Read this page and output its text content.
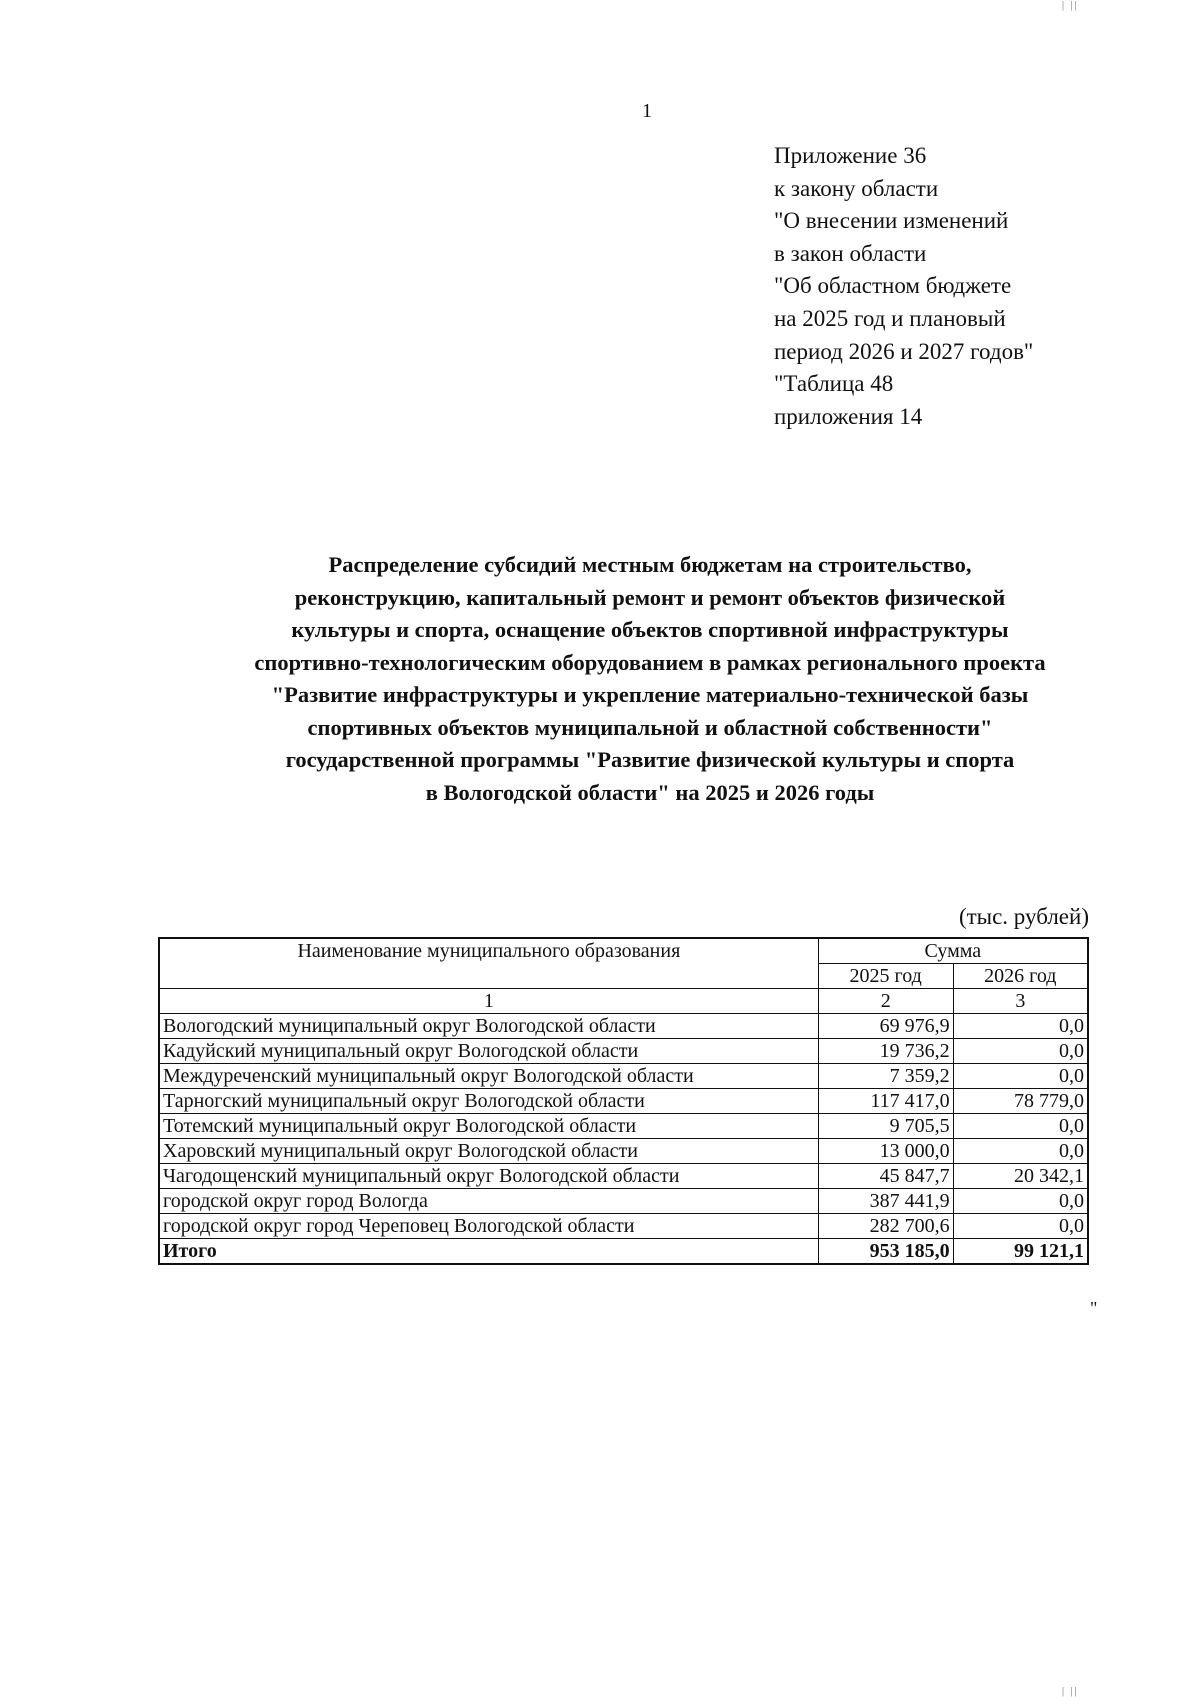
| ||
| ||
1
Приложение 36
к закону области
"О внесении изменений
в закон области
"Об областном бюджете
на 2025 год и плановый
период 2026 и 2027 годов"
"Таблица 48
приложения 14
Распределение субсидий местным бюджетам на строительство,
реконструкцию, капитальный ремонт и ремонт объектов физической
культуры и спорта, оснащение объектов спортивной инфраструктуры
спортивно-технологическим оборудованием в рамках регионального проекта
"Развитие инфраструктуры и укрепление материально-технической базы
спортивных объектов муниципальной и областной собственности"
государственной программы "Развитие физической культуры и спорта
в Вологодской области" на 2025 и 2026 годы
(тыс. рублей)
Наименование муниципального образования	Сумма	
	2025 год	2026 год
1	2	3
Вологодский муниципальный округ Вологодской области	69 976,9	0,0
Кадуйский муниципальный округ Вологодской области	19 736,2	0,0
Междуреченский муниципальный округ Вологодской области	7 359,2	0,0
Тарногский муниципальный округ Вологодской области	117 417,0	78 779,0
Тотемский муниципальный округ Вологодской области	9 705,5	0,0
Харовский муниципальный округ Вологодской области	13 000,0	0,0
Чагодощенский муниципальный округ Вологодской области	45 847,7	20 342,1
городской округ город Вологда	387 441,9	0,0
городской округ город Череповец Вологодской области	282 700,6	0,0
Итого	953 185,0	99 121,1
"
